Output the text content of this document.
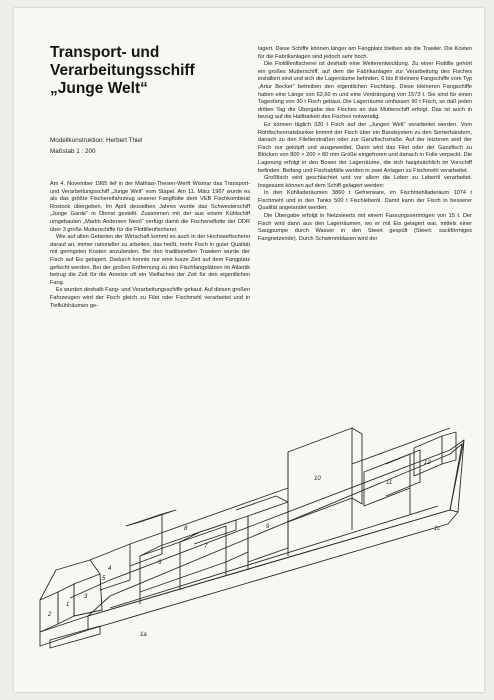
Transport- und
Verarbeitungsschiff
„Junge Welt“
Modellkonstruktion: Herbert Thiel
Maßstab 1 : 200

Am 4. November 1965 lief in der Mathias-Thesen-Werft Wismar das Transport- und Verarbeitungsschiff „Junge Welt“ vom Stapel. Am 11. März 1967 wurde es als das größte Fischereifahrzeug unserer Fangflotte dem VEB Fischkombinat Rostock übergeben. Im April desselben Jahres wurde das Schwesterschiff „Junge Garde“ in Dienst gestellt. Zusammen mit der aus einem Kühlschiff umgebauten „Martin Andersen Nexö“ verfügt damit die Fischereiflotte der DDR über 3 große Mutterschiffe für die Flottillenfischerei.

Wie auf allen Gebieten der Wirtschaft kommt es auch in der Hochseefischerei darauf an, immer rationeller zu arbeiten, das heißt, mehr Fisch in guter Qualität mit geringsten Kosten anzulanden. Bei den traditionellen Trawlern wurde der Fisch auf Eis gelagert. Dadurch konnte nur eine kurze Zeit auf dem Fangplatz gefischt werden. Bei der großen Entfernung zu den Fischfangplätzen im Atlantik betrug die Zeit für die Anreise oft ein Vielfaches der Zeit für den eigentlichen Fang.

Es wurden deshalb Fang- und Verarbeitungsschiffe gebaut. Auf diesen großen Fahrzeugen wird der Fisch gleich zu Filet oder Fischmehl verarbeitet und in Tiefkühlräumen ge-

lagert. Diese Schiffe können länger am Fangplatz bleiben als die Trawler. Die Kosten für die Fabrikanlagen sind jedoch sehr hoch.

Die Flottillenfischerei ist deshalb eine Weiterentwicklung. Zu einer Flottille gehört ein großes Mutterschiff, auf dem die Fabrikanlagen zur Verarbeitung des Fisches installiert sind und sich die Lagerräume befinden. 6 bis 8 kleinere Fangschiffe vom Typ „Artur Becker“ betreiben den eigentlichen Fischfang. Diese kleineren Fangschiffe haben eine Länge von 62,60 m und eine Verdrängung von 1573 t. Sie sind für einen Tagesfang von 30 t Fisch gebaut. Die Lagerräume umfassen 90 t Fisch, so daß jeden dritten Tag die Übergabe des Fisches an das Mutterschiff erfolgt. Das ist auch in bezug auf die Haltbarkeit des Fisches notwendig.

Es können täglich 320 t Fisch auf der „Jungen Welt“ verarbeitet werden. Vom Rohfischvorratsbunker kommt der Fisch über ein Bandsystem zu den Sortierbändern, danach zu den Filetierstraßen oder zur Ganzfischstraße. Auf der letzteren wird der Fisch nur geköpft und ausgeweidet. Dann wird das Filet oder der Ganzfisch zu Blöcken von 800 × 200 × 80 mm Größe eingefroren und danach in Folie verpackt. Die Lagerung erfolgt in den Boxen der Lagerräume, die sich hauptsächlich im Vorschiff befinden. Beifang und Fischabfälle werden in zwei Anlagen zu Fischmehl verarbeitet.

Großfisch wird geschlachtet und vor allem die Leber zu Leberöl verarbeitet. Insgesamt können auf dem Schiff gelagert werden:

In den Kühlladeräumen 3860 t Gefrierware, im Fischmehlladeraum 1074 t Fischmehl und in den Tanks 500 t Fischleberöl. Damit kann der Fisch in besserer Qualität angelandet werden.

Die Übergabe erfolgt in Netzsteerts mit einem Fassungsvermögen von 15 t. Der Fisch wird dann aus den Lagerräumen, wo er mit Eis gelagert war, mittels einer Saugpumpe durch Wasser in den Steert gespült (Steert: sackförmiges Fangnetzende). Durch Schwimmblasen wird der

2
1
3
5
4
6
7
8	9
10
11
12
1a
1c
